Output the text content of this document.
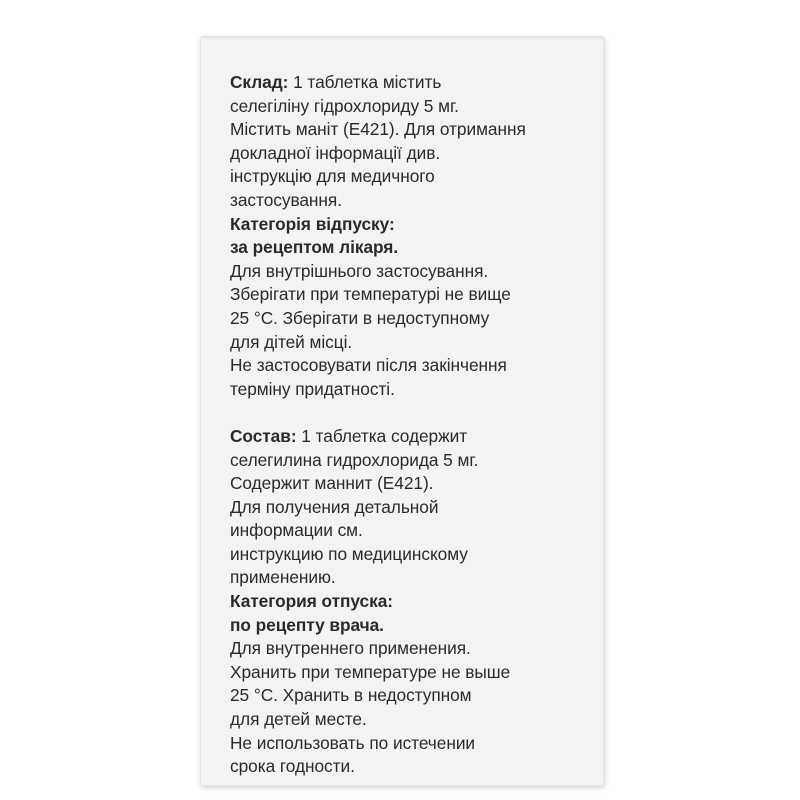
Склад: 1 таблетка містить
селегіліну гідрохлориду 5 мг.
Містить маніт (Е421). Для отримання
докладної інформації див.
інструкцію для медичного
застосування.
Категорія відпуску:
за рецептом лікаря.
Для внутрішнього застосування.
Зберігати при температурі не вище
25 °С. Зберігати в недоступному
для дітей місці.
Не застосовувати після закінчення
терміну придатності.
Состав: 1 таблетка содержит
селегилина гидрохлорида 5 мг.
Содержит маннит (Е421).
Для получения детальной
информации см.
инструкцию по медицинскому
применению.
Категория отпуска:
по рецепту врача.
Для внутреннего применения.
Хранить при температуре не выше
25 °С. Хранить в недоступном
для детей месте.
Не использовать по истечении
срока годности.
